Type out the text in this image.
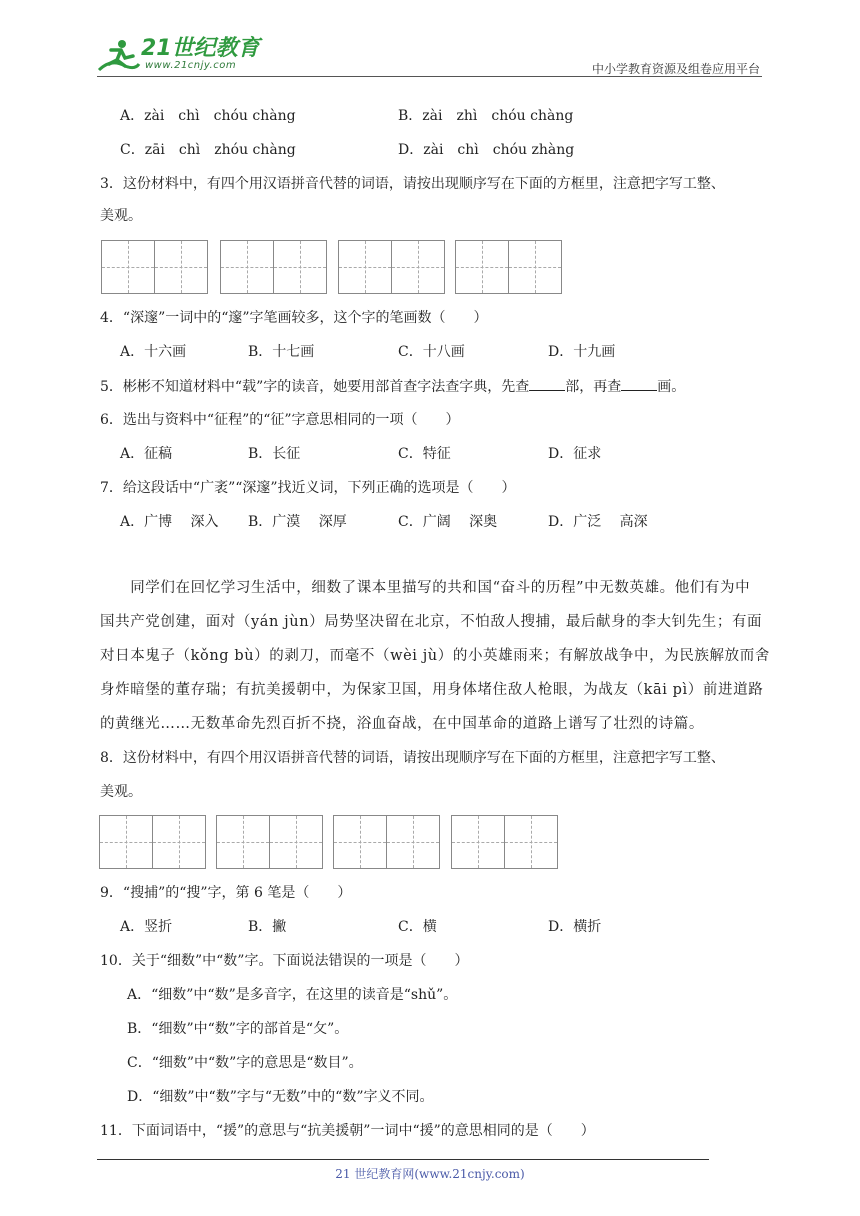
21世纪教育
www.21cnjy.com	中小学教育资源及组卷应用平台
A．zài　chì　chóu chàng	B．zài　zhì　chóu chàng
C．zāi　chì　zhóu chàng	D．zài　chì　chóu zhàng
3．这份材料中，有四个用汉语拼音代替的词语，请按出现顺序写在下面的方框里，注意把字写工整、
美观。
4．“深邃”一词中的“邃”字笔画较多，这个字的笔画数（　　）
A．十六画	B．十七画	C．十八画	D．十九画
5．彬彬不知道材料中“载”字的读音，她要用部首查字法查字典，先查	部，再查	画。
6．选出与资料中“征程”的“征”字意思相同的一项（　　）
A．征稿	B．长征	C．特征	D．征求
7．给这段话中“广袤”“深邃”找近义词，下列正确的选项是（　　）
A．广博　 深入 B．广漠　 深厚	C．广阔　 深奥	D．广泛　 高深
　　同学们在回忆学习生活中，细数了课本里描写的共和国“奋斗的历程”中无数英雄。他们有为中
国共产党创建，面对（yán jùn）局势坚决留在北京，不怕敌人搜捕，最后献身的李大钊先生；有面
对日本鬼子（kǒng bù）的剥刀，而毫不（wèi jù）的小英雄雨来；有解放战争中，为民族解放而舍
身炸暗堡的董存瑞；有抗美援朝中，为保家卫国，用身体堵住敌人枪眼，为战友（kāi pì）前进道路
的黄继光……无数革命先烈百折不挠，浴血奋战，在中国革命的道路上谱写了壮烈的诗篇。
8．这份材料中，有四个用汉语拼音代替的词语，请按出现顺序写在下面的方框里，注意把字写工整、
美观。
9．“搜捕”的“搜”字，第 6 笔是（　　）
A．竖折	B．撇	C．横	D．横折
10．关于“细数”中“数”字。下面说法错误的一项是（　　）
A．“细数”中“数”是多音字，在这里的读音是“shǔ”。
B．“细数”中“数”字的部首是“攵”。
C．“细数”中“数”字的意思是“数目”。
D．“细数”中“数”字与“无数”中的“数”字义不同。
11．下面词语中，“援”的意思与“抗美援朝”一词中“援”的意思相同的是（　　）
21 世纪教育网(www.21cnjy.com)
